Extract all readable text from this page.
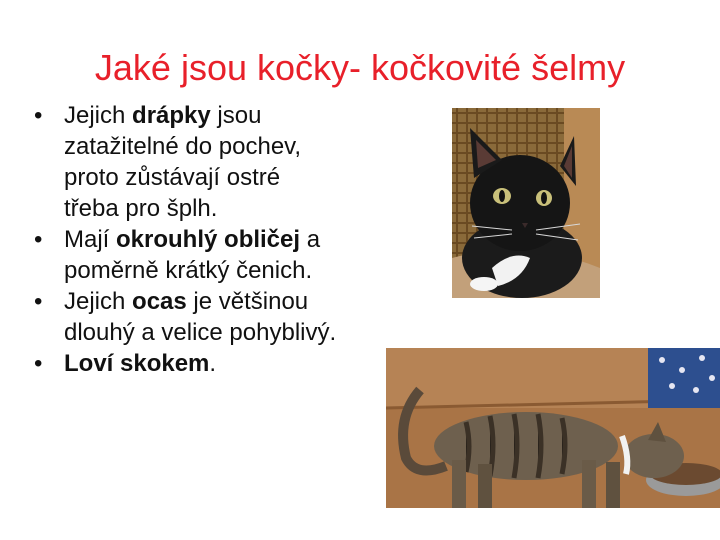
Jaké jsou kočky- kočkovité šelmy
• Jejich drápky jsou
zatažitelné do pochev,
proto zůstávají ostré
třeba pro šplh.
• Mají okrouhlý obličej a
poměrně krátký čenich.
• Jejich ocas je většinou
dlouhý a velice pohyblivý.
• Loví skokem.
